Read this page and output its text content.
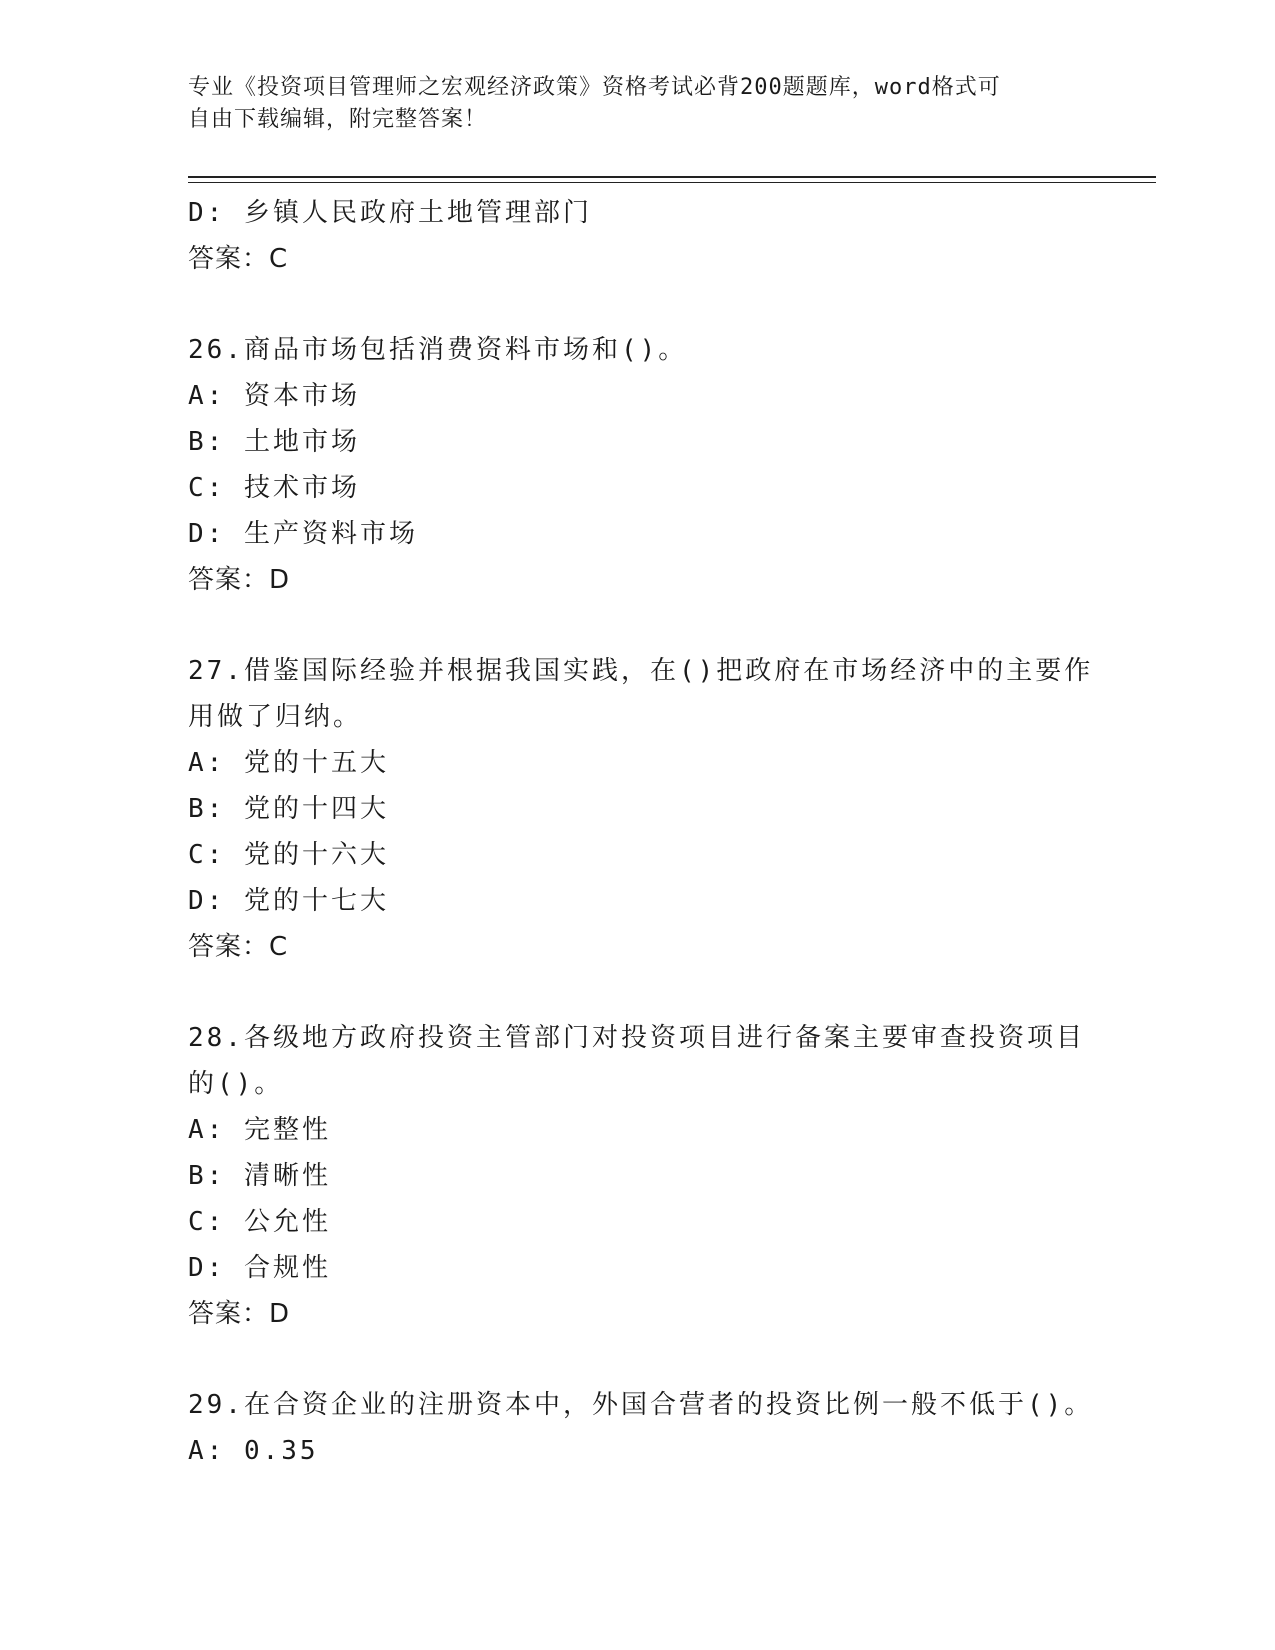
专业《投资项目管理师之宏观经济政策》资格考试必背200题题库，word格式可
自由下载编辑，附完整答案！
D: 乡镇人民政府土地管理部门
答案：C
26.商品市场包括消费资料市场和()。
A: 资本市场
B: 土地市场
C: 技术市场
D: 生产资料市场
答案：D
27.借鉴国际经验并根据我国实践，在()把政府在市场经济中的主要作
用做了归纳。
A: 党的十五大
B: 党的十四大
C: 党的十六大
D: 党的十七大
答案：C
28.各级地方政府投资主管部门对投资项目进行备案主要审查投资项目
的()。
A: 完整性
B: 清晰性
C: 公允性
D: 合规性
答案：D
29.在合资企业的注册资本中，外国合营者的投资比例一般不低于()。
A: 0.35
